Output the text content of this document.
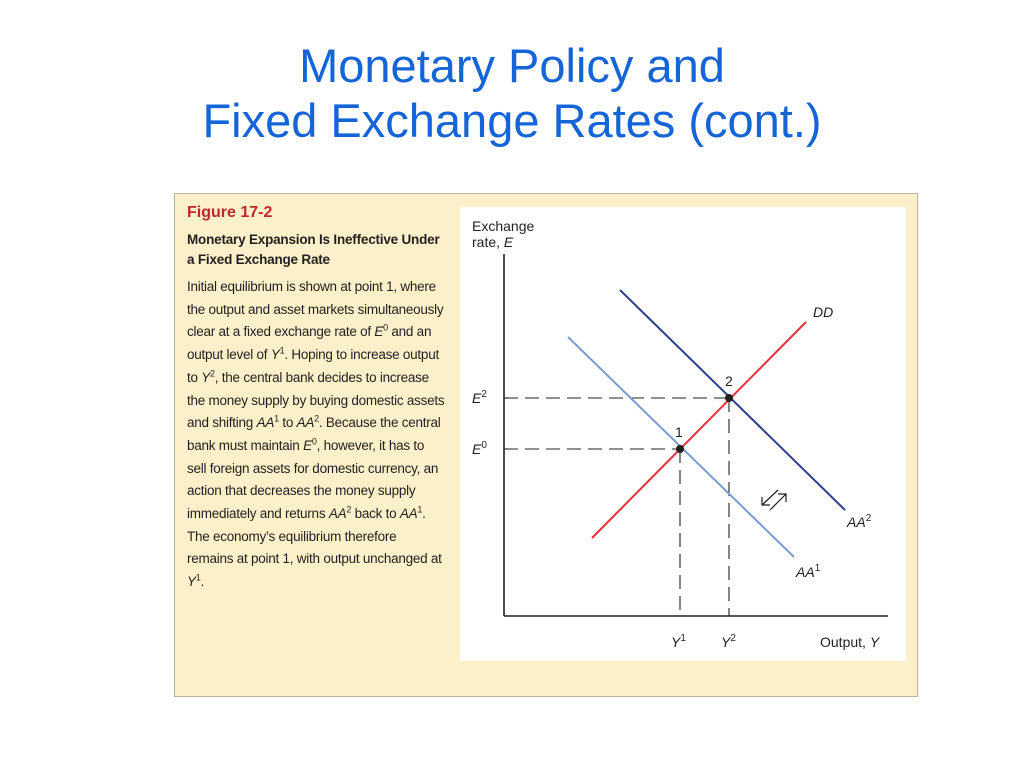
Monetary Policy and
Fixed Exchange Rates (cont.)
Figure 17-2
Monetary Expansion Is Ineffective Under a Fixed Exchange Rate
Initial equilibrium is shown at point 1, where the output and asset markets simultaneously clear at a fixed exchange rate of $E^0$ and an output level of $Y^1$. Hoping to increase output to $Y^2$, the central bank decides to increase the money supply by buying domestic assets and shifting $AA^1$ to $AA^2$. Because the central bank must maintain $E^0$, however, it has to sell foreign assets for domestic currency, an action that decreases the money supply immediately and returns $AA^2$ back to $AA^1$. The economy’s equilibrium therefore remains at point 1, with output unchanged at $Y^1$.
Exchange rate, E
Output, Y
DD
$AA^2$
$AA^1$
1
2
$E^2$
$E^0$
$Y^1$	$Y^2$
